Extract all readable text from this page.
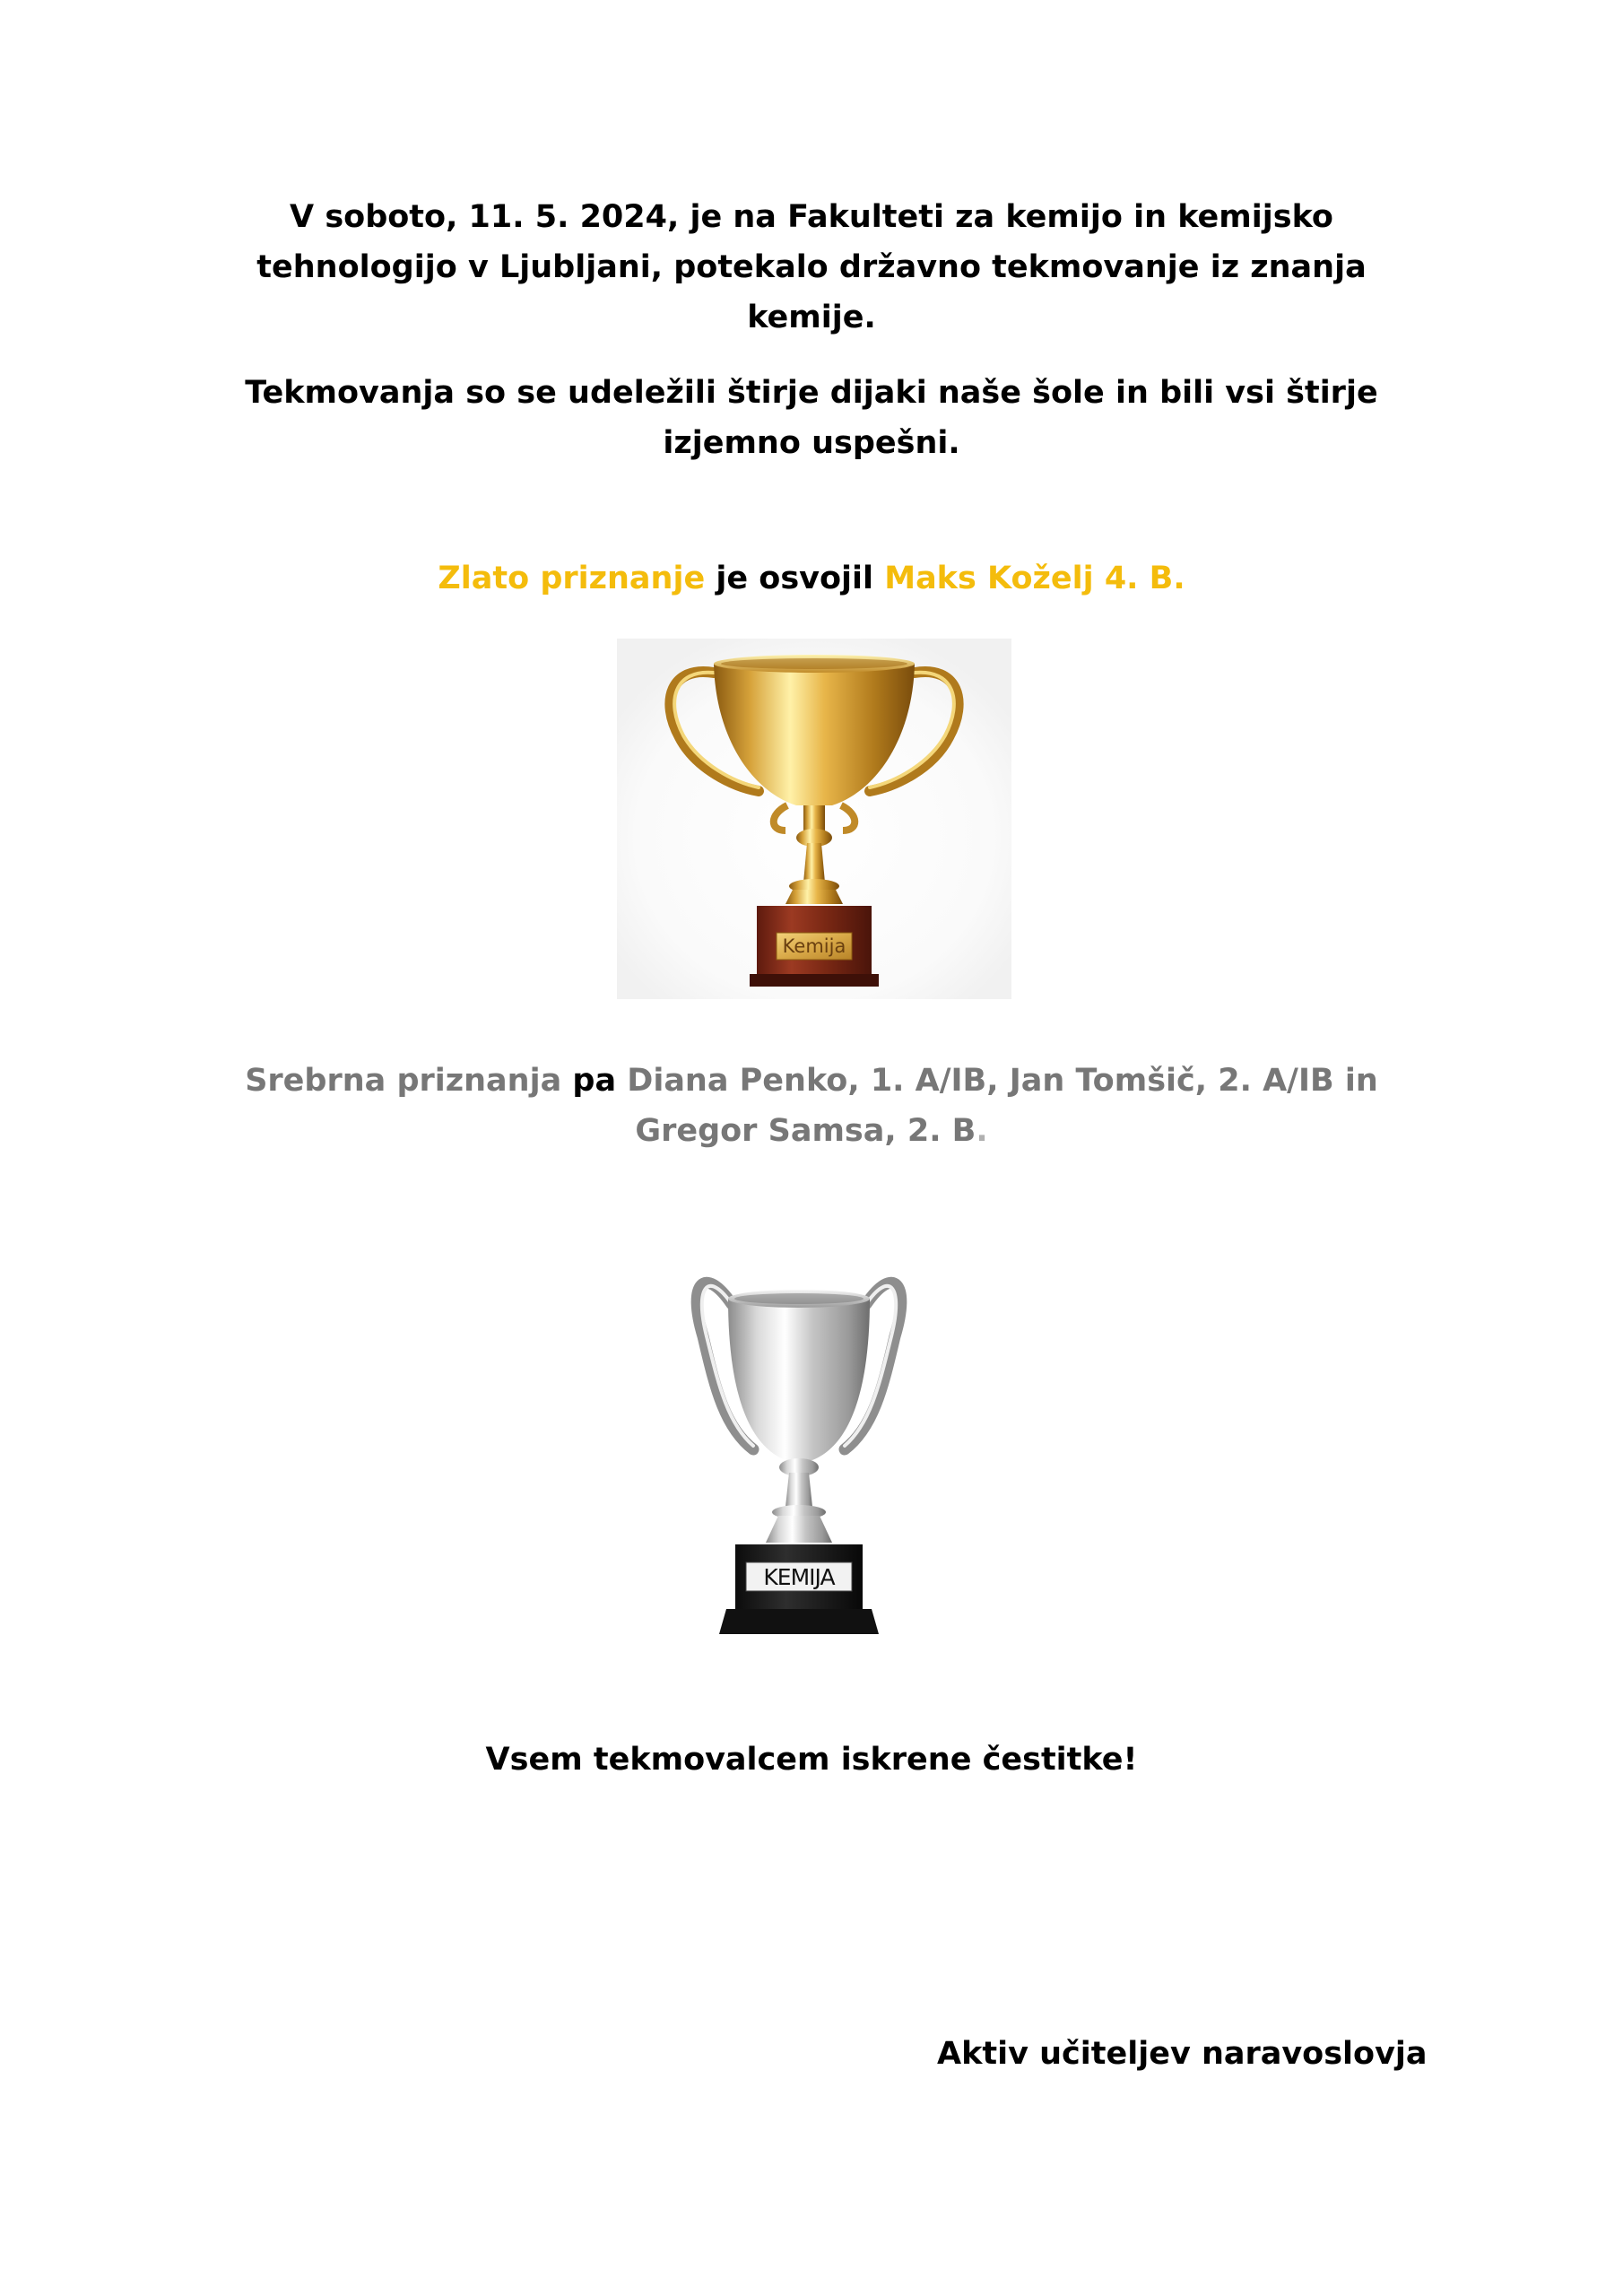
V soboto, 11. 5. 2024, je na Fakulteti za kemijo in kemijsko
tehnologijo v Ljubljani, potekalo državno tekmovanje iz znanja
kemije.

Tekmovanja so se udeležili štirje dijaki naše šole in bili vsi štirje
izjemno uspešni.

Zlato priznanje je osvojil Maks Koželj 4. B.

Kemija

Srebrna priznanja pa Diana Penko, 1. A/IB, Jan Tomšič, 2. A/IB in
Gregor Samsa, 2. B.

KEMIJA

Vsem tekmovalcem iskrene čestitke!

Aktiv učiteljev naravoslovja
